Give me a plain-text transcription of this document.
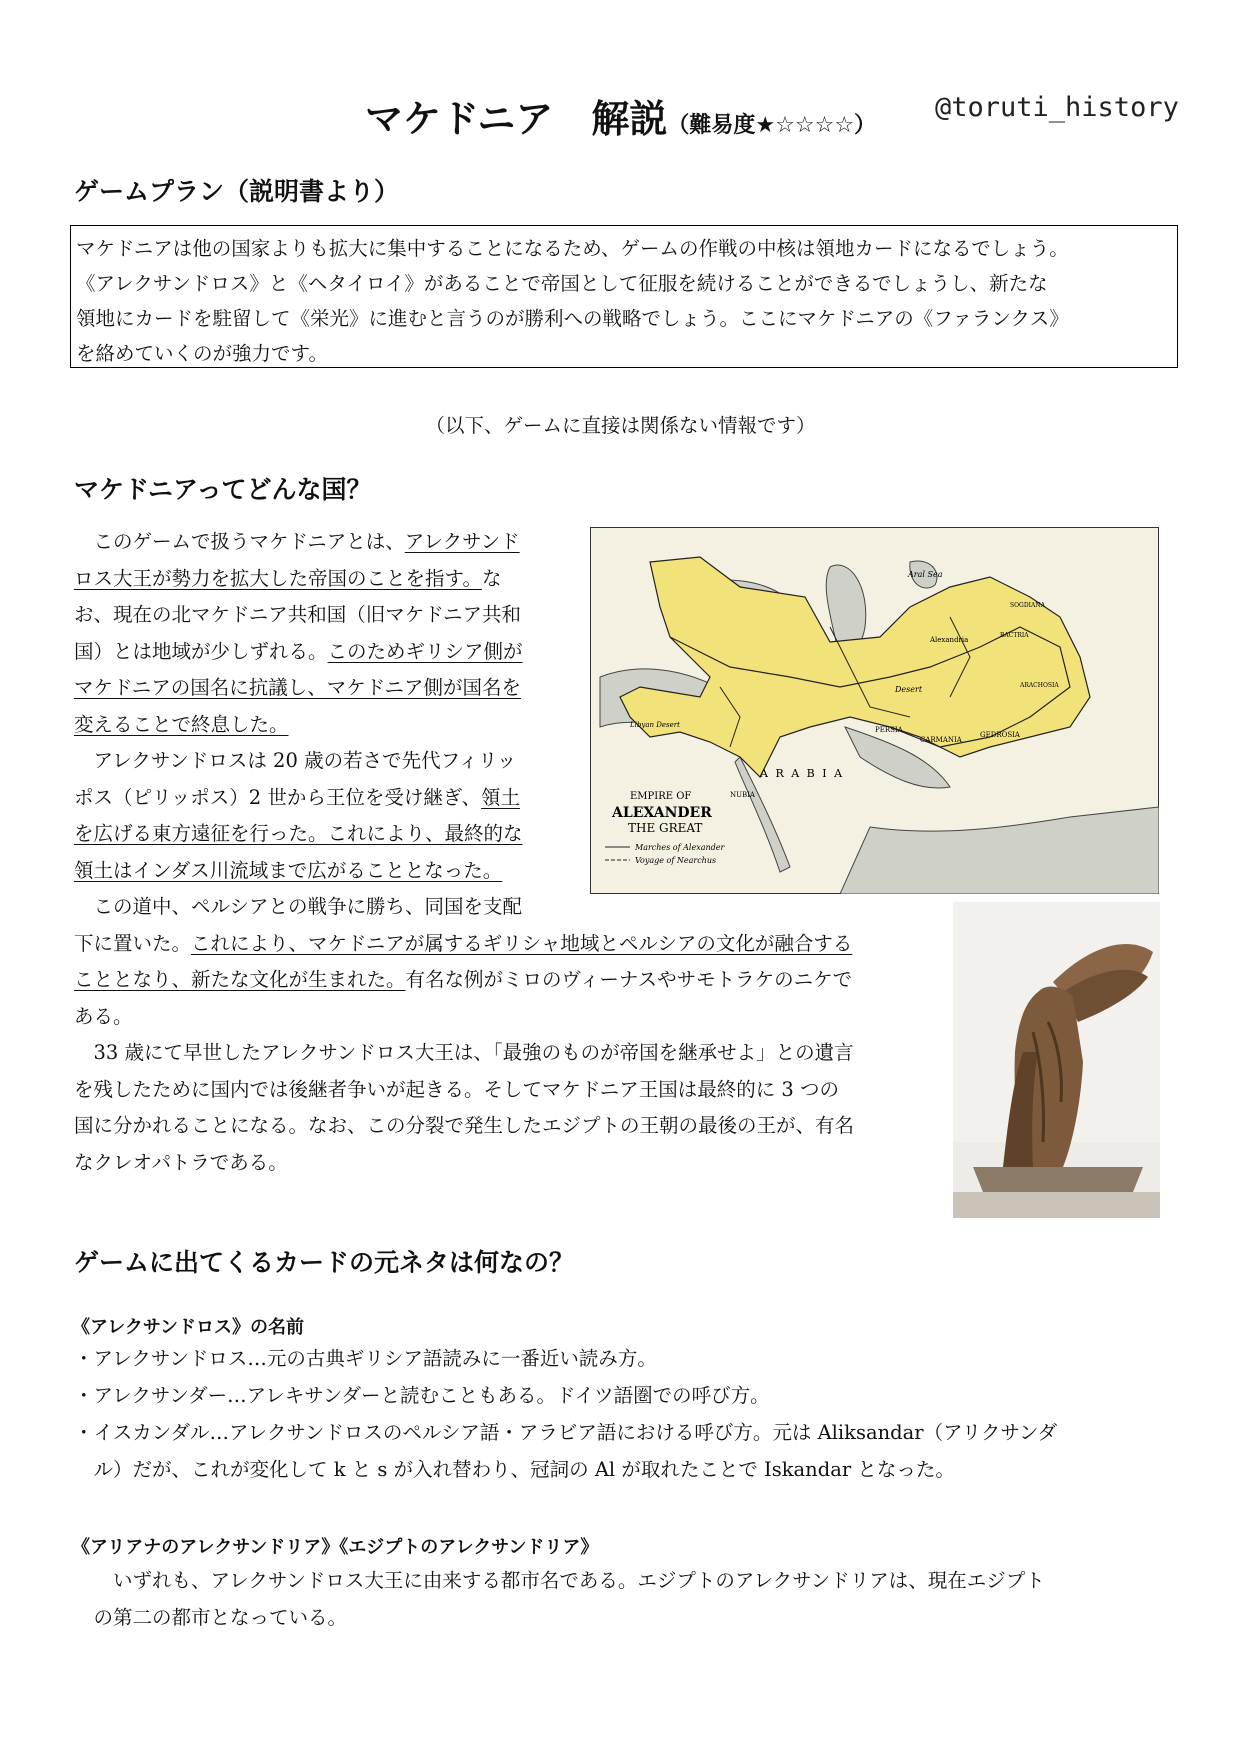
マケドニア　解説（難易度★☆☆☆☆）
@toruti_history
ゲームプラン（説明書より）

マケドニアは他の国家よりも拡大に集中することになるため、ゲームの作戦の中核は領地カードになるでしょう。

《アレクサンドロス》と《ヘタイロイ》があることで帝国として征服を続けることができるでしょうし、新たな

領地にカードを駐留して《栄光》に進むと言うのが勝利への戦略でしょう。ここにマケドニアの《ファランクス》

を絡めていくのが強力です。

（以下、ゲームに直接は関係ない情報です）
マケドニアってどんな国？

　このゲームで扱うマケドニアとは、アレクサンド

ロス大王が勢力を拡大した帝国のことを指す。な

お、現在の北マケドニア共和国（旧マケドニア共和

国）とは地域が少しずれる。このためギリシア側が

マケドニアの国名に抗議し、マケドニア側が国名を

変えることで終息した。

　アレクサンドロスは 20 歳の若さで先代フィリッ

ポス（ピリッポス）2 世から王位を受け継ぎ、領土

を広げる東方遠征を行った。これにより、最終的な

領土はインダス川流域まで広がることとなった。

　この道中、ペルシアとの戦争に勝ち、同国を支配

下に置いた。これにより、マケドニアが属するギリシャ地域とペルシアの文化が融合する

こととなり、新たな文化が生まれた。有名な例がミロのヴィーナスやサモトラケのニケで

ある。

　33 歳にて早世したアレクサンドロス大王は、「最強のものが帝国を継承せよ」との遺言

を残したために国内では後継者争いが起きる。そしてマケドニア王国は最終的に 3 つの

国に分かれることになる。なお、この分裂で発生したエジプトの王朝の最後の王が、有名

なクレオパトラである。

EMPIRE OF
ALEXANDER
THE GREAT
Marches of Alexander
Voyage of Nearchus
A R A B I A
Aral Sea
Desert
PERSIA
CARMANIA
GEDROSIA
Alexandria
Libyan Desert
SOGDIANA
BACTRIA
ARACHOSIA
NUBIA
ゲームに出てくるカードの元ネタは何なの？
《アレクサンドロス》の名前

・アレクサンドロス…元の古典ギリシア語読みに一番近い読み方。

・アレクサンダー…アレキサンダーと読むこともある。ドイツ語圏での呼び方。

・イスカンダル…アレクサンドロスのペルシア語・アラビア語における呼び方。元は Aliksandar（アリクサンダ

　ル）だが、これが変化して k と s が入れ替わり、冠詞の Al が取れたことで Iskandar となった。

《アリアナのアレクサンドリア》《エジプトのアレクサンドリア》

　　いずれも、アレクサンドロス大王に由来する都市名である。エジプトのアレクサンドリアは、現在エジプト

　の第二の都市となっている。
